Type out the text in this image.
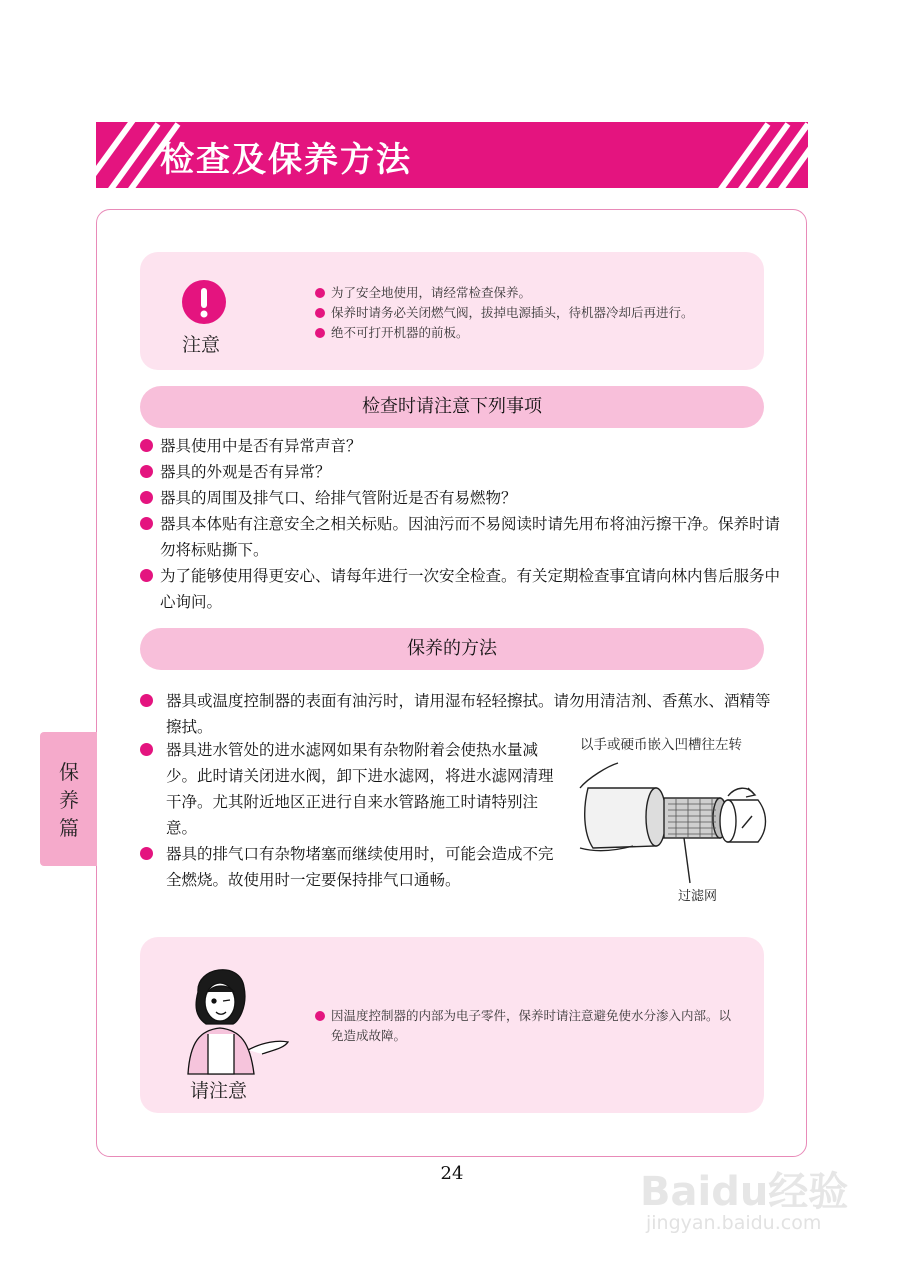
检查及保养方法
保养篇
注意
为了安全地使用，请经常检查保养。
保养时请务必关闭燃气阀，拔掉电源插头，待机器冷却后再进行。
绝不可打开机器的前板。
检查时请注意下列事项
器具使用中是否有异常声音？
器具的外观是否有异常？
器具的周围及排气口、给排气管附近是否有易燃物？
器具本体贴有注意安全之相关标贴。因油污而不易阅读时请先用布将油污擦干净。保养时请勿将标贴撕下。
为了能够使用得更安心、请每年进行一次安全检查。有关定期检查事宜请向林内售后服务中心询问。
保养的方法
器具或温度控制器的表面有油污时，请用湿布轻轻擦拭。请勿用清洁剂、香蕉水、酒精等擦拭。
器具进水管处的进水滤网如果有杂物附着会使热水量减少。此时请关闭进水阀，卸下进水滤网，将进水滤网清理干净。尤其附近地区正进行自来水管路施工时请特别注意。
器具的排气口有杂物堵塞而继续使用时，可能会造成不完全燃烧。故使用时一定要保持排气口通畅。
以手或硬币嵌入凹槽往左转
过滤网
请注意
因温度控制器的内部为电子零件，保养时请注意避免使水分渗入内部。以免造成故障。
24	Baidu经验
jingyan.baidu.com
